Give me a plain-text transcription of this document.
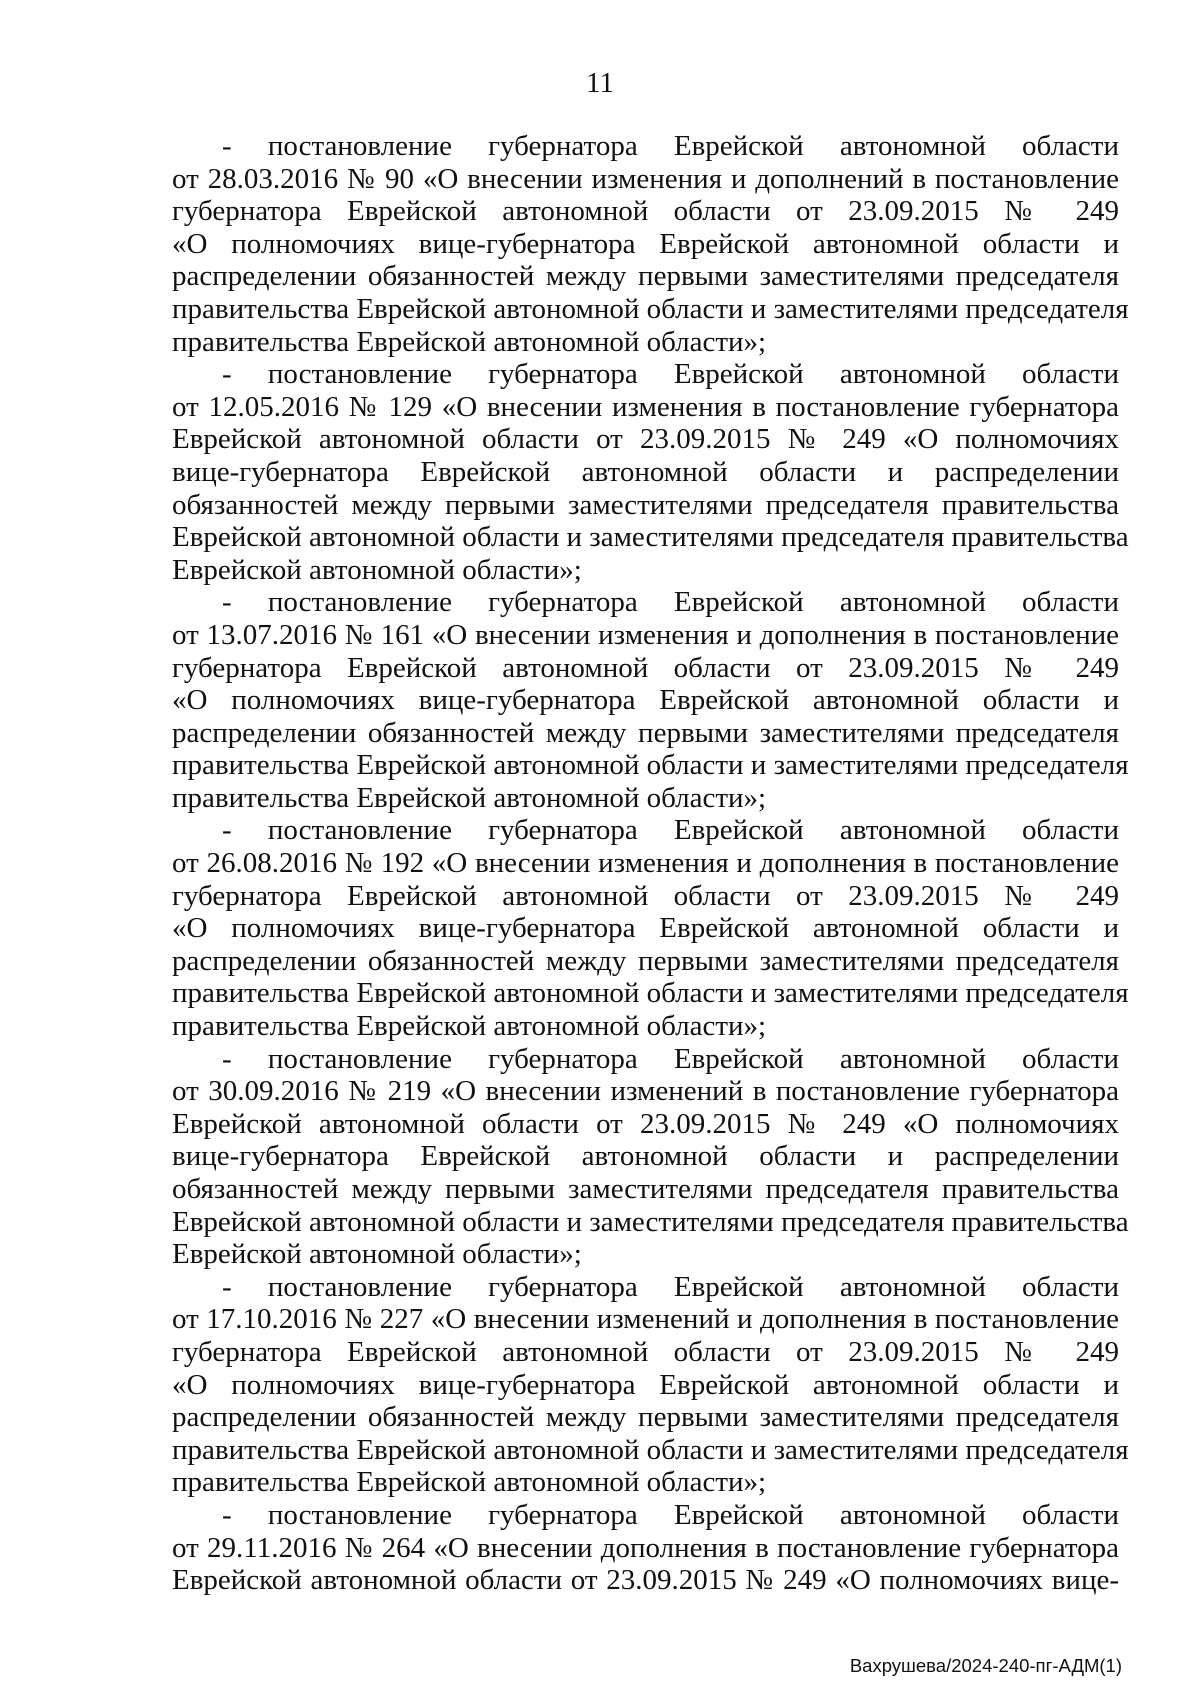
11
- постановление губернатора Еврейской автономной области
от 28.03.2016 № 90 «О внесении изменения и дополнений в постановление
губернатора Еврейской автономной области от 23.09.2015 № 249
«О полномочиях вице-губернатора Еврейской автономной области и
распределении обязанностей между первыми заместителями председателя
правительства Еврейской автономной области и заместителями председателя
правительства Еврейской автономной области»;
- постановление губернатора Еврейской автономной области
от 12.05.2016 № 129 «О внесении изменения в постановление губернатора
Еврейской автономной области от 23.09.2015 № 249 «О полномочиях
вице-губернатора Еврейской автономной области и распределении
обязанностей между первыми заместителями председателя правительства
Еврейской автономной области и заместителями председателя правительства
Еврейской автономной области»;
- постановление губернатора Еврейской автономной области
от 13.07.2016 № 161 «О внесении изменения и дополнения в постановление
губернатора Еврейской автономной области от 23.09.2015 № 249
«О полномочиях вице-губернатора Еврейской автономной области и
распределении обязанностей между первыми заместителями председателя
правительства Еврейской автономной области и заместителями председателя
правительства Еврейской автономной области»;
- постановление губернатора Еврейской автономной области
от 26.08.2016 № 192 «О внесении изменения и дополнения в постановление
губернатора Еврейской автономной области от 23.09.2015 № 249
«О полномочиях вице-губернатора Еврейской автономной области и
распределении обязанностей между первыми заместителями председателя
правительства Еврейской автономной области и заместителями председателя
правительства Еврейской автономной области»;
- постановление губернатора Еврейской автономной области
от 30.09.2016 № 219 «О внесении изменений в постановление губернатора
Еврейской автономной области от 23.09.2015 № 249 «О полномочиях
вице-губернатора Еврейской автономной области и распределении
обязанностей между первыми заместителями председателя правительства
Еврейской автономной области и заместителями председателя правительства
Еврейской автономной области»;
- постановление губернатора Еврейской автономной области
от 17.10.2016 № 227 «О внесении изменений и дополнения в постановление
губернатора Еврейской автономной области от 23.09.2015 № 249
«О полномочиях вице-губернатора Еврейской автономной области и
распределении обязанностей между первыми заместителями председателя
правительства Еврейской автономной области и заместителями председателя
правительства Еврейской автономной области»;
- постановление губернатора Еврейской автономной области
от 29.11.2016 № 264 «О внесении дополнения в постановление губернатора
Еврейской автономной области от 23.09.2015 № 249 «О полномочиях вице-
Вахрушева/2024-240-пг-АДМ(1)
